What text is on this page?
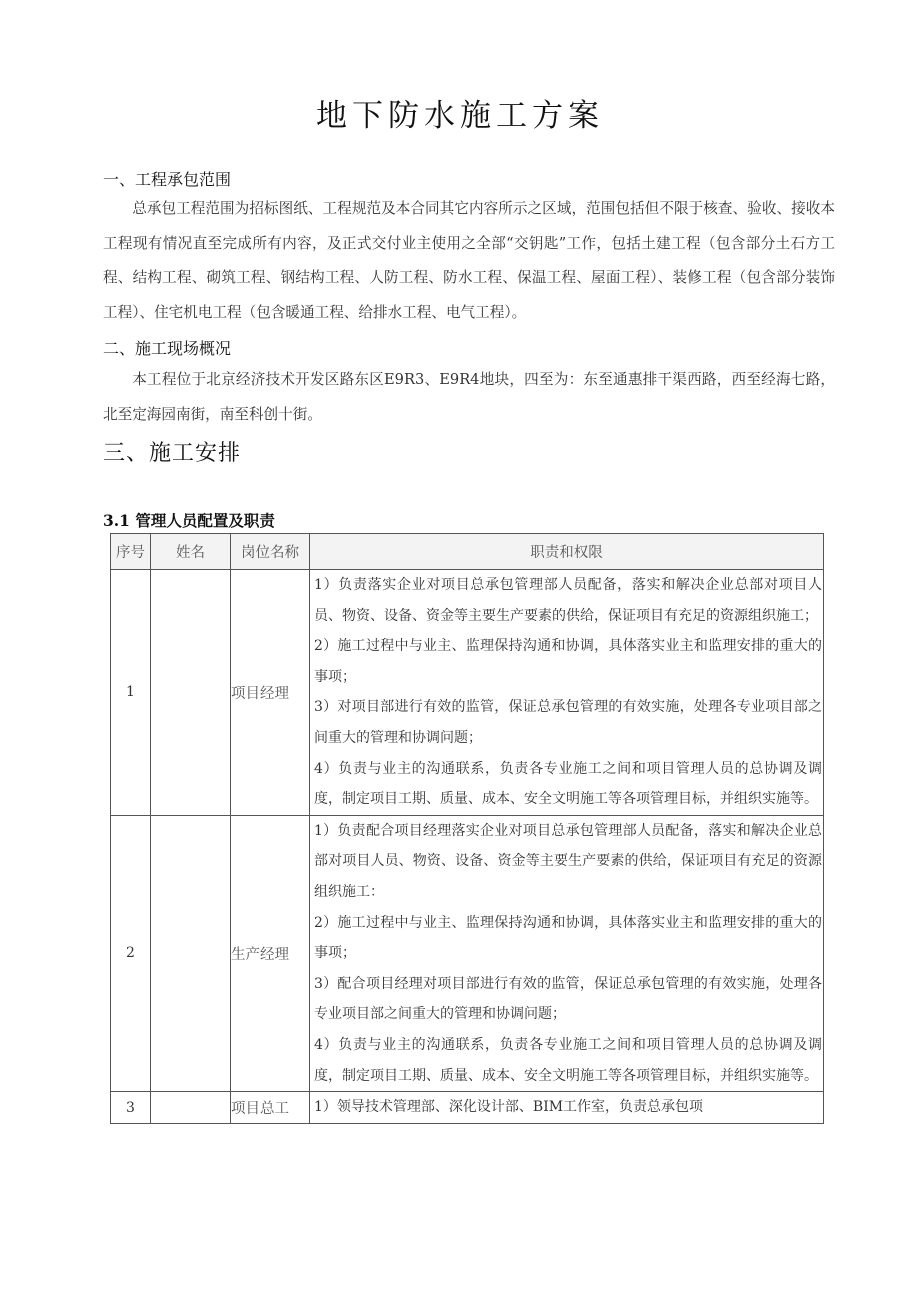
地下防水施工方案
一、工程承包范围
总承包工程范围为招标图纸、工程规范及本合同其它内容所示之区域，范围包括但不限于核查、验收、接收本工程现有情况直至完成所有内容，及正式交付业主使用之全部“交钥匙”工作，包括土建工程（包含部分土石方工程、结构工程、砌筑工程、钢结构工程、人防工程、防水工程、保温工程、屋面工程）、装修工程（包含部分装饰工程）、住宅机电工程（包含暖通工程、给排水工程、电气工程）。
二、施工现场概况
本工程位于北京经济技术开发区路东区E9R3、E9R4地块，四至为：东至通惠排干渠西路，西至经海七路，北至定海园南街，南至科创十街。
三、施工安排
3.1 管理人员配置及职责
序号	姓名	岗位名称	职责和权限
1		项目经理	1）负责落实企业对项目总承包管理部人员配备，落实和解决企业总部对项目人员、物资、设备、资金等主要生产要素的供给，保证项目有充足的资源组织施工；

2）施工过程中与业主、监理保持沟通和协调，具体落实业主和监理安排的重大的事项；

3）对项目部进行有效的监管，保证总承包管理的有效实施，处理各专业项目部之间重大的管理和协调问题；

4）负责与业主的沟通联系，负责各专业施工之间和项目管理人员的总协调及调度，制定项目工期、质量、成本、安全文明施工等各项管理目标，并组织实施等。

2		生产经理	1）负责配合项目经理落实企业对项目总承包管理部人员配备，落实和解决企业总部对项目人员、物资、设备、资金等主要生产要素的供给，保证项目有充足的资源组织施工：

2）施工过程中与业主、监理保持沟通和协调，具体落实业主和监理安排的重大的事项；

3）配合项目经理对项目部进行有效的监管，保证总承包管理的有效实施，处理各专业项目部之间重大的管理和协调问题；

4）负责与业主的沟通联系，负责各专业施工之间和项目管理人员的总协调及调度，制定项目工期、质量、成本、安全文明施工等各项管理目标，并组织实施等。

3		项目总工	1）领导技术管理部、深化设计部、BIM工作室，负责总承包项
